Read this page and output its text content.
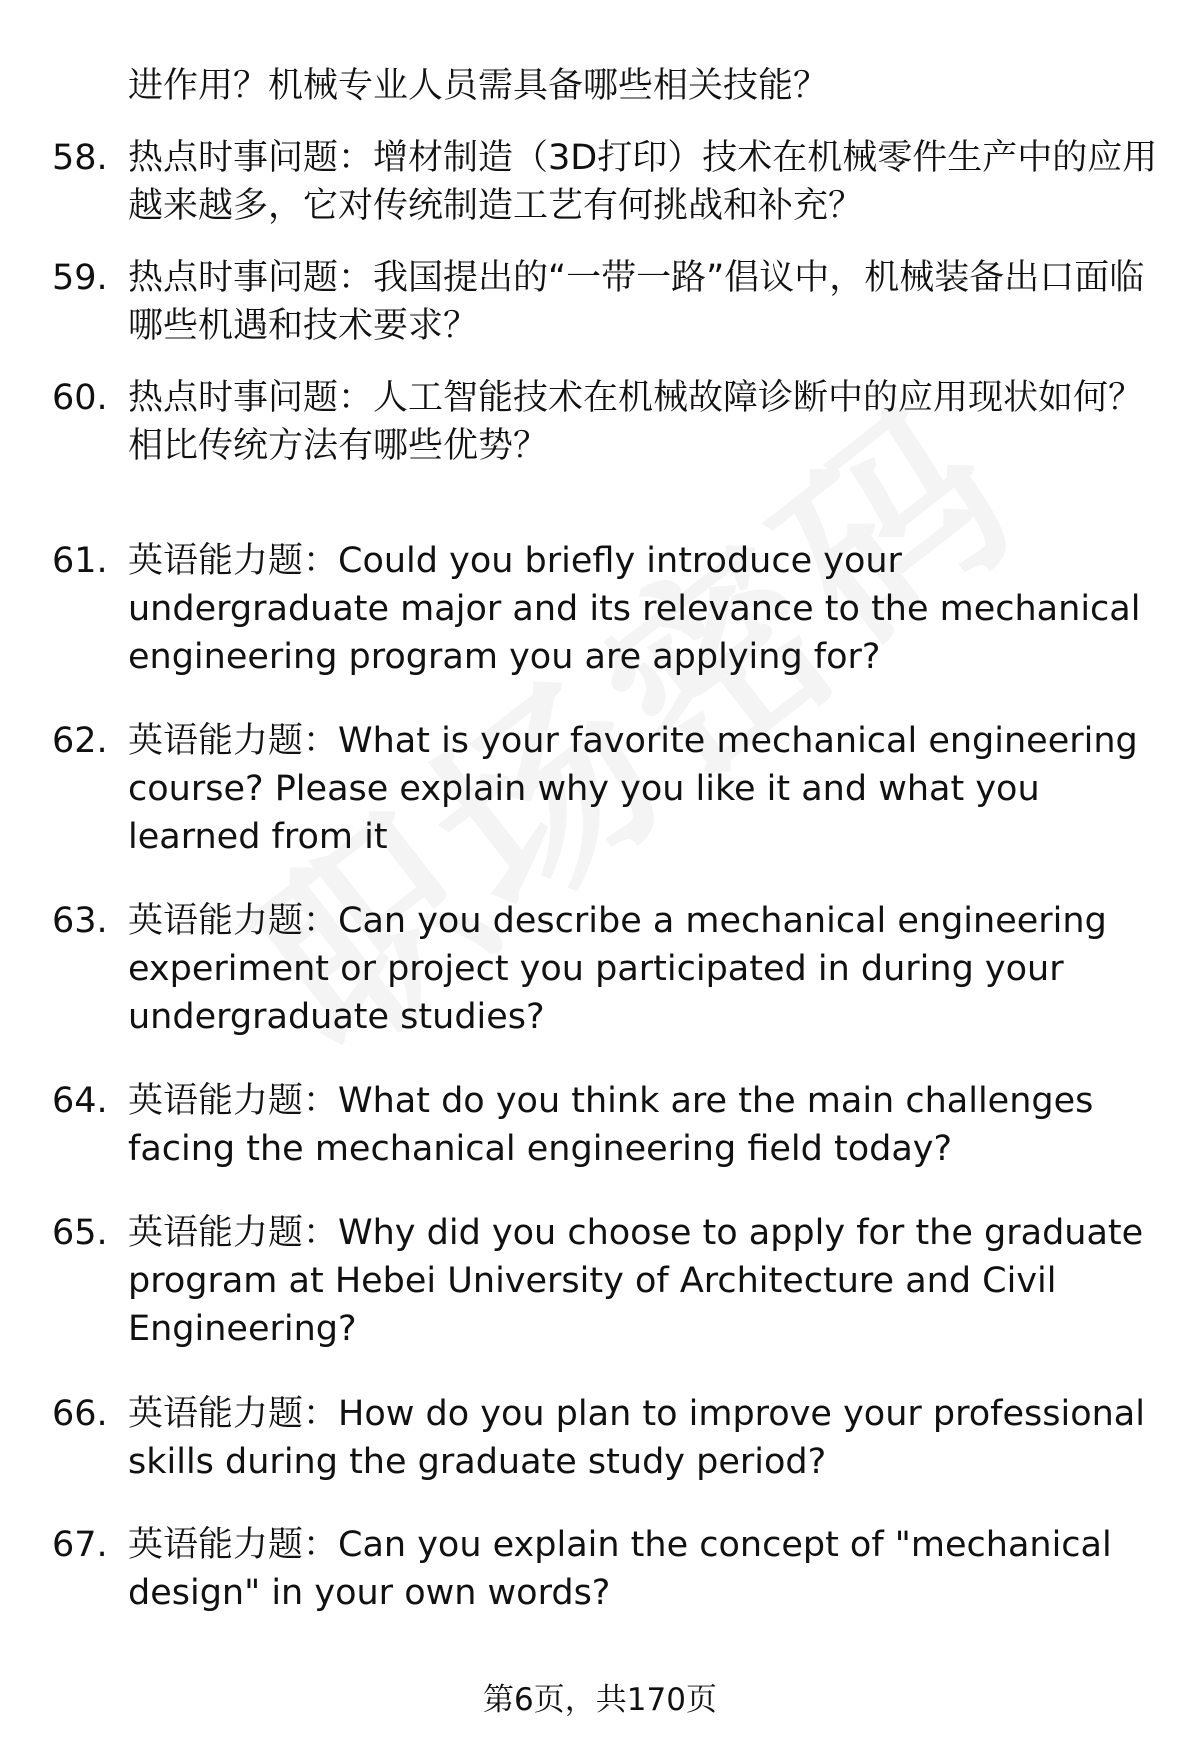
进作用？机械专业人员需具备哪些相关技能？

58. 热点时事问题：增材制造（3D打印）技术在机械零件生产中的应用越来越多，它对传统制造工艺有何挑战和补充？
59. 热点时事问题：我国提出的“一带一路”倡议中，机械装备出口面临哪些机遇和技术要求？
60. 热点时事问题：人工智能技术在机械故障诊断中的应用现状如何？相比传统方法有哪些优势？
61. 英语能力题：Could you briefly introduce your undergraduate major and its relevance to the mechanical engineering program you are applying for?
62. 英语能力题：What is your favorite mechanical engineering course? Please explain why you like it and what you learned from it
63. 英语能力题：Can you describe a mechanical engineering experiment or project you participated in during your undergraduate studies?
64. 英语能力题：What do you think are the main challenges facing the mechanical engineering field today?
65. 英语能力题：Why did you choose to apply for the graduate program at Hebei University of Architecture and Civil Engineering?
66. 英语能力题：How do you plan to improve your professional skills during the graduate study period?
67. 英语能力题：Can you explain the concept of "mechanical design" in your own words?
第6页，共170页
